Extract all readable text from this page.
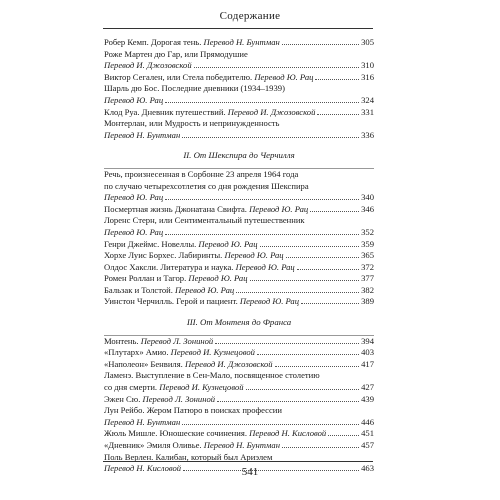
Содержание
Робер Кемп. Дорогая тень. Перевод Н. Бунтман	305
Роже Мартен дю Гар, или Прямодушие
Перевод И. Джозовской	310
Виктор Сегален, или Стела победителю. Перевод Ю. Рац	316
Шарль дю Бос. Последние дневники (1934–1939)
Перевод Ю. Рац	324
Клод Руа. Дневник путешествий. Перевод И. Джозовской	331
Монтерлан, или Мудрость и непринужденность
Перевод Н. Бунтман	336
II. От Шекспира до Черчилля
Речь, произнесенная в Сорбонне 23 апреля 1964 года
по случаю четырехсотлетия со дня рождения Шекспира
Перевод Ю. Рац	340
Посмертная жизнь Джонатана Свифта. Перевод Ю. Рац	346
Лоренс Стерн, или Сентиментальный путешественник
Перевод Ю. Рац	352
Генри Джеймс. Новеллы. Перевод Ю. Рац	359
Хорхе Луис Борхес. Лабиринты. Перевод Ю. Рац	365
Олдос Хаксли. Литература и наука. Перевод Ю. Рац	372
Ромен Роллан и Тагор. Перевод Ю. Рац	377
Бальзак и Толстой. Перевод Ю. Рац	382
Уинстон Черчилль. Герой и пациент. Перевод Ю. Рац	389
III. От Монтеня до Франса
Монтень. Перевод Л. Зониной	394
«Плутарх» Амио. Перевод И. Кузнецовой	403
«Наполеон» Бенвиля. Перевод И. Джозовской	417
Ламенэ. Выступление в Сен-Мало, посвященное столетию
со дня смерти. Перевод И. Кузнецовой	427
Эжен Сю. Перевод Л. Зониной	439
Лун Рейбо. Жером Патюро в поисках профессии
Перевод Н. Бунтман	446
Жюль Мишле. Юношеские сочинения. Перевод Н. Кисловой	451
«Дневник» Эмиля Оливье. Перевод Н. Бунтман	457
Поль Верлен. Калибан, который был Ариэлем
Перевод Н. Кисловой	463
541
